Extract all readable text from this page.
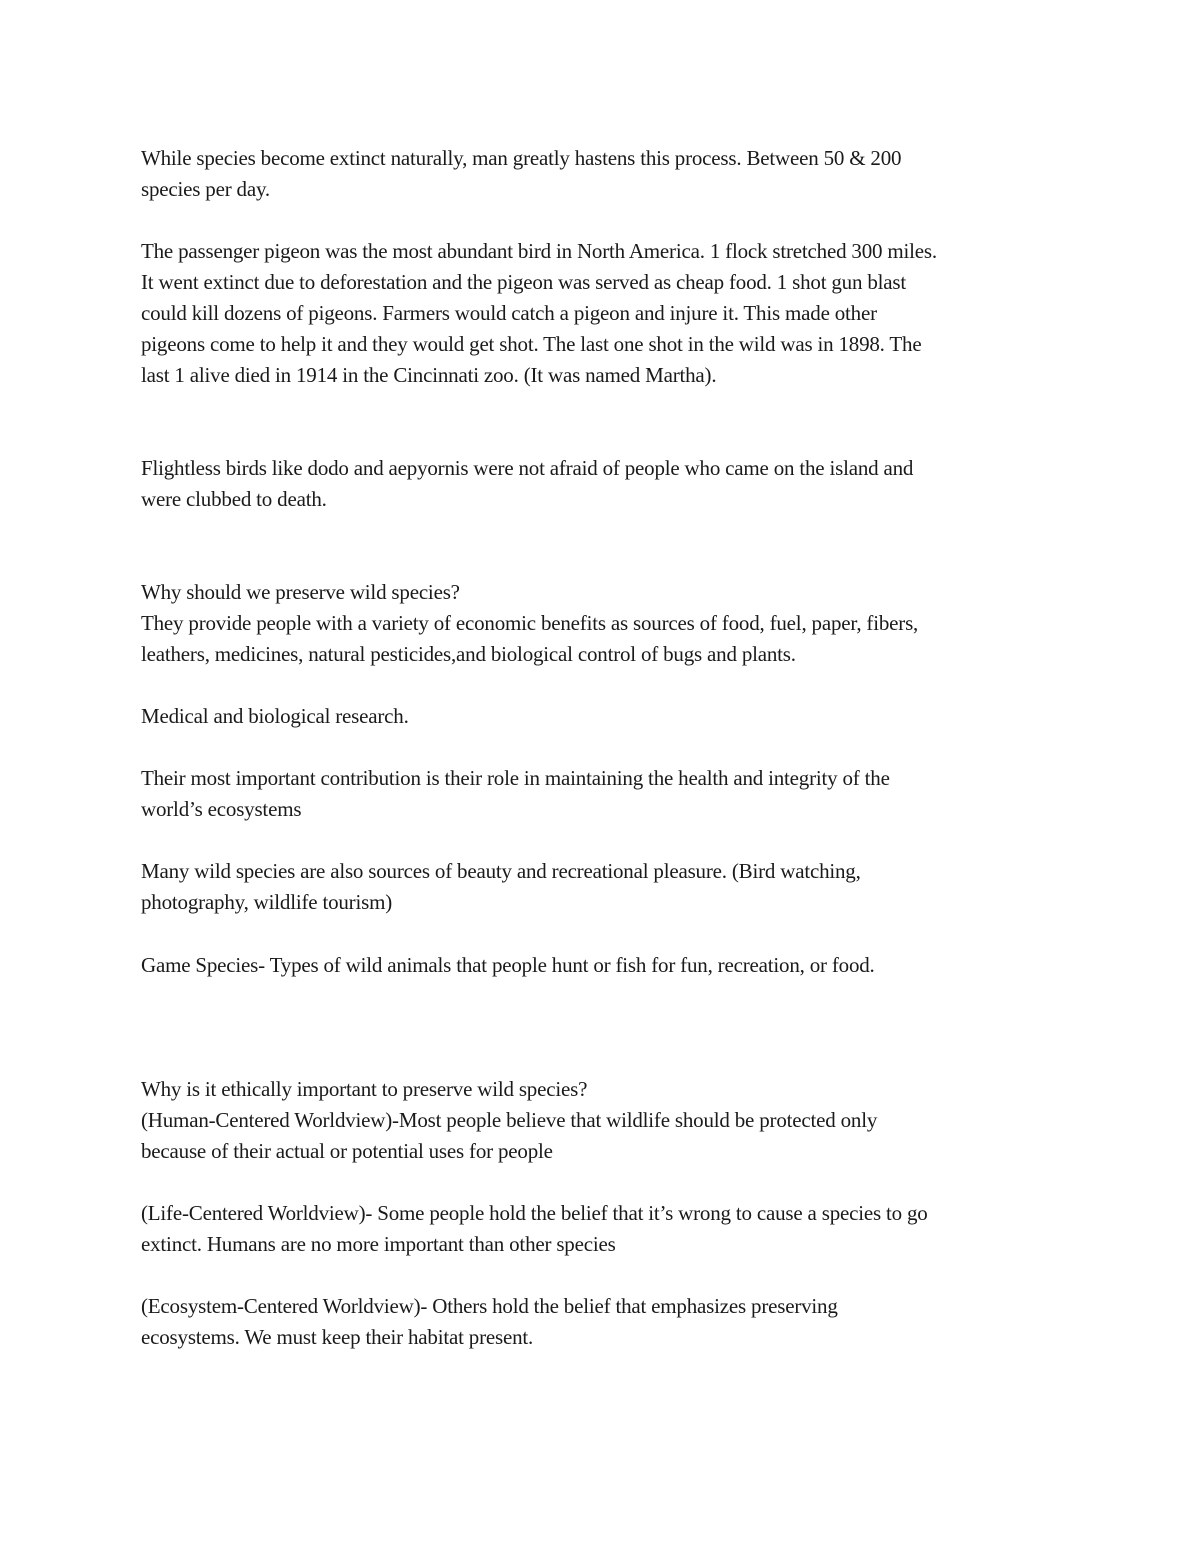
While species become extinct naturally, man greatly hastens this process. Between 50 & 200
species per day.

The passenger pigeon was the most abundant bird in North America. 1 flock stretched 300 miles.
It went extinct due to deforestation and the pigeon was served as cheap food. 1 shot gun blast
could kill dozens of pigeons. Farmers would catch a pigeon and injure it. This made other
pigeons come to help it and they would get shot. The last one shot in the wild was in 1898. The
last 1 alive died in 1914 in the Cincinnati zoo. (It was named Martha).

Flightless birds like dodo and aepyornis were not afraid of people who came on the island and
were clubbed to death.

Why should we preserve wild species?
They provide people with a variety of economic benefits as sources of food, fuel, paper, fibers,
leathers, medicines, natural pesticides,and biological control of bugs and plants.

Medical and biological research.

Their most important contribution is their role in maintaining the health and integrity of the
world’s ecosystems

Many wild species are also sources of beauty and recreational pleasure. (Bird watching,
photography, wildlife tourism)

Game Species- Types of wild animals that people hunt or fish for fun, recreation, or food.

Why is it ethically important to preserve wild species?
(Human-Centered Worldview)-Most people believe that wildlife should be protected only
because of their actual or potential uses for people

(Life-Centered Worldview)- Some people hold the belief that it’s wrong to cause a species to go
extinct. Humans are no more important than other species

(Ecosystem-Centered Worldview)- Others hold the belief that emphasizes preserving
ecosystems. We must keep their habitat present.
